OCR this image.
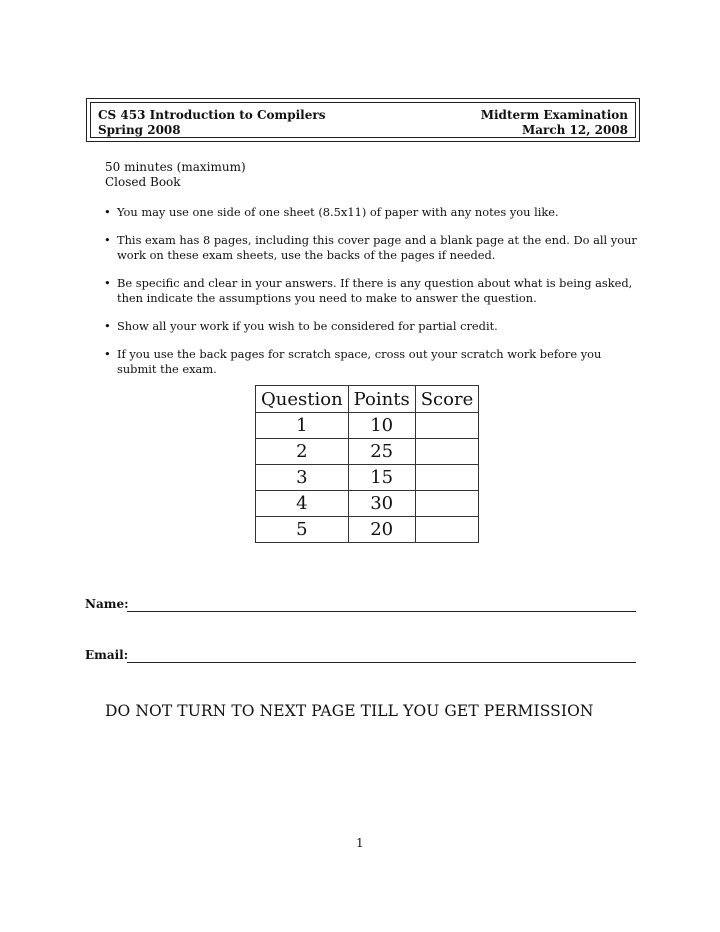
CS 453 Introduction to Compilers
Spring 2008
Midterm Examination
March 12, 2008
50 minutes (maximum)
Closed Book
• You may use one side of one sheet (8.5x11) of paper with any notes you like.
• This exam has 8 pages, including this cover page and a blank page at the end. Do all your work on these exam sheets, use the backs of the pages if needed.
• Be specific and clear in your answers. If there is any question about what is being asked, then indicate the assumptions you need to make to answer the question.
• Show all your work if you wish to be considered for partial credit.
• If you use the back pages for scratch space, cross out your scratch work before you submit the exam.
Question	Points	Score
1	10	
2	25	
3	15	
4	30	
5	20	
Name:
Email:
DO NOT TURN TO NEXT PAGE TILL YOU GET PERMISSION
1
